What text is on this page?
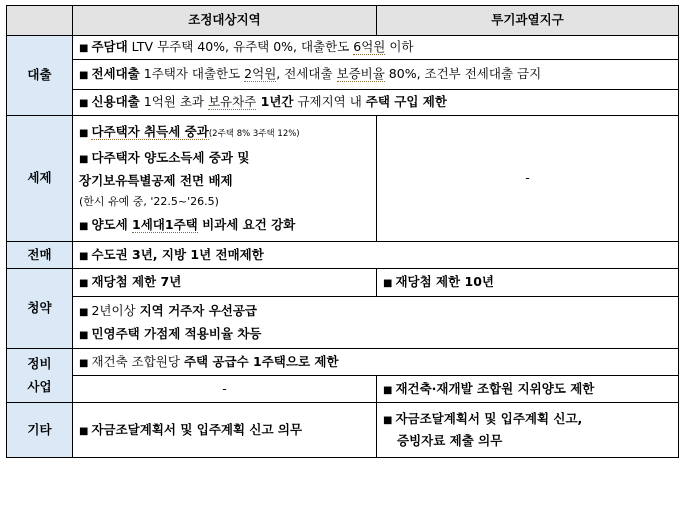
	조정대상지역	투기과열지구
대출	■ 주담대 LTV 무주택 40%, 유주택 0%, 대출한도 6억원 이하	

	■ 전세대출 1주택자 대출한도 2억원, 전세대출 보증비율 80%, 조건부 전세대출 금지	

	■ 신용대출 1억원 초과 보유차주 1년간 규제지역 내 주택 구입 제한	

세제	■ 다주택자 취득세 중과(2주택 8% 3주택 12%)
■ 다주택자 양도소득세 중과 및
장기보유특별공제 전면 배제
(한시 유예 중, '22.5~'26.5)
■ 양도세 1세대1주택 비과세 요건 강화	-
전매	■ 수도권 3년, 지방 1년 전매제한	

청약	■ 재당첨 제한 7년	■ 재당첨 제한 10년

	■ 2년이상 지역 거주자 우선공급
■ 민영주택 가점제 적용비율 차등	

정비
사업	■ 재건축 조합원당 주택 공급수 1주택으로 제한	

	-	■ 재건축·재개발 조합원 지위양도 제한

기타	■ 자금조달계획서 및 입주계획 신고 의무	■ 자금조달계획서 및 입주계획 신고,
증빙자료 제출 의무
